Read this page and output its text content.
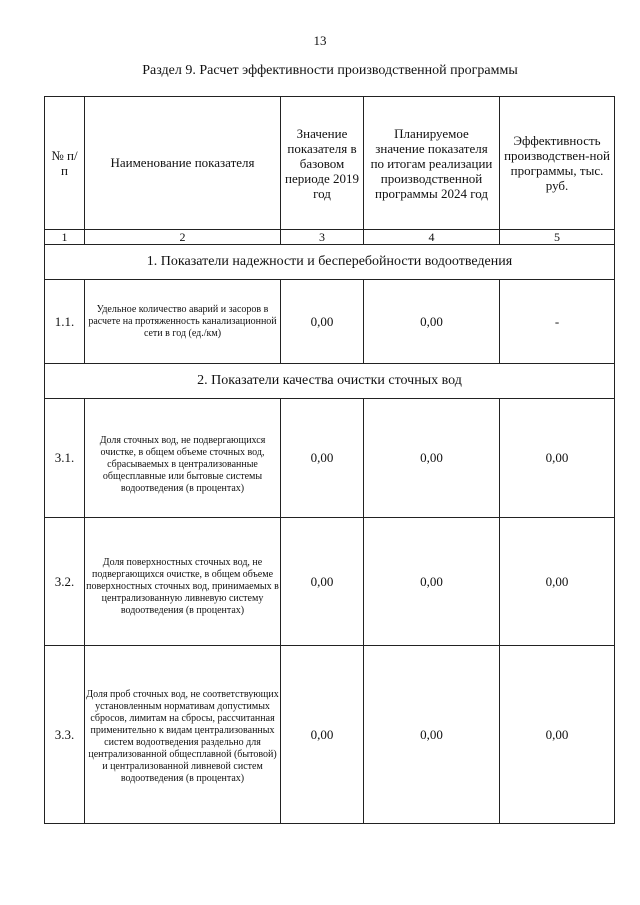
13
Раздел 9. Расчет эффективности производственной программы
№ п/п	Наименование показателя	Значение показателя в базовом периоде 2019 год	Планируемое значение показателя по итогам реализации производственной программы 2024 год	Эффективность производствен-ной программы, тыс. руб.
1	2	3	4	5
1. Показатели надежности и бесперебойности водоотведения				
1.1.	Удельное количество аварий и засоров в расчете на протяженность канализационной сети в год (ед./км)	0,00	0,00	-
2. Показатели качества очистки сточных вод				
3.1.	Доля сточных вод, не подвергающихся очистке, в общем объеме сточных вод, сбрасываемых в централизованные общесплавные или бытовые системы водоотведения (в процентах)	0,00	0,00	0,00
3.2.	Доля поверхностных сточных вод, не подвергающихся очистке, в общем объеме поверхностных сточных вод, принимаемых в централизованную ливневую систему водоотведения (в процентах)	0,00	0,00	0,00
3.3.	Доля проб сточных вод, не соответствующих установленным нормативам допустимых сбросов, лимитам на сбросы, рассчитанная применительно к видам централизованных систем водоотведения раздельно для централизованной общесплавной (бытовой) и централизованной ливневой систем водоотведения (в процентах)	0,00	0,00	0,00
